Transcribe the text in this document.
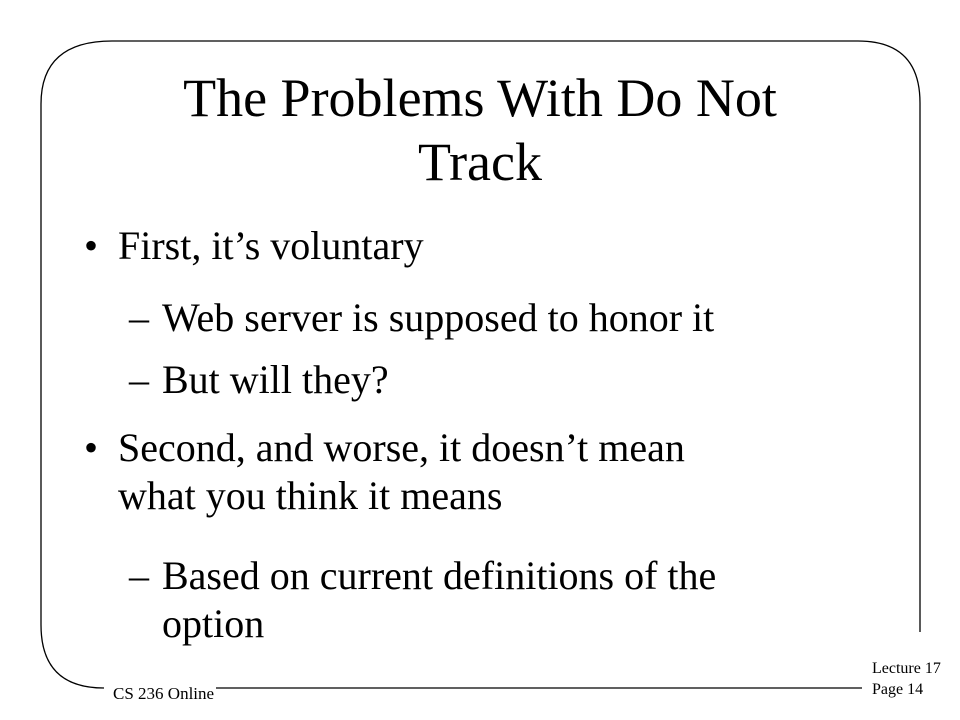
The Problems With Do Not
Track
• First, it’s voluntary
– Web server is supposed to honor it
– But will they?
• Second, and worse, it doesn’t mean
what you think it means
– Based on current definitions of the
option
CS 236 Online
Lecture 17
Page 14
